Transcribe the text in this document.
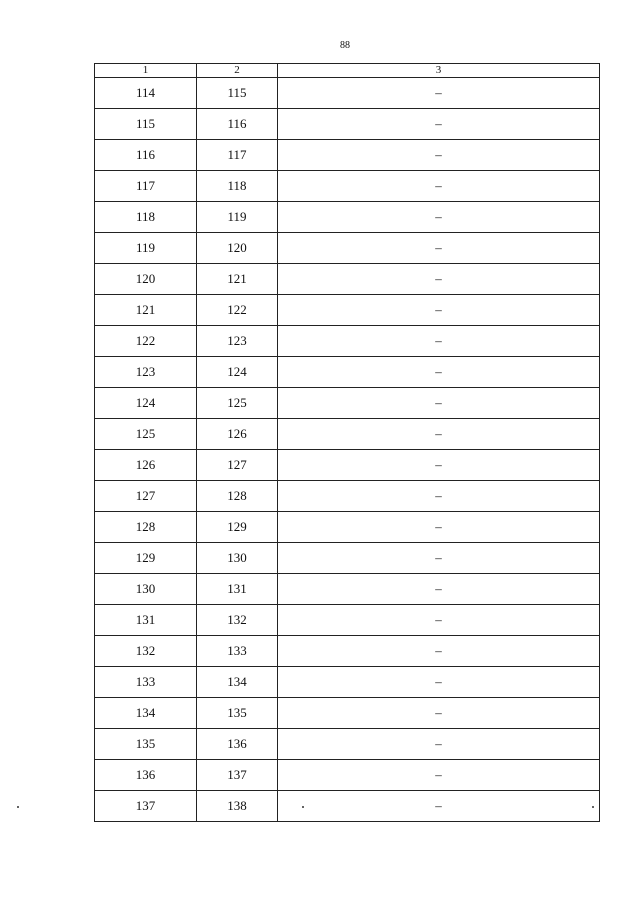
88
1	2	3
114	115	–
115	116	–
116	117	–
117	118	–
118	119	–
119	120	–
120	121	–
121	122	–
122	123	–
123	124	–
124	125	–
125	126	–
126	127	–
127	128	–
128	129	–
129	130	–
130	131	–
131	132	–
132	133	–
133	134	–
134	135	–
135	136	–
136	137	–
137	138	–
